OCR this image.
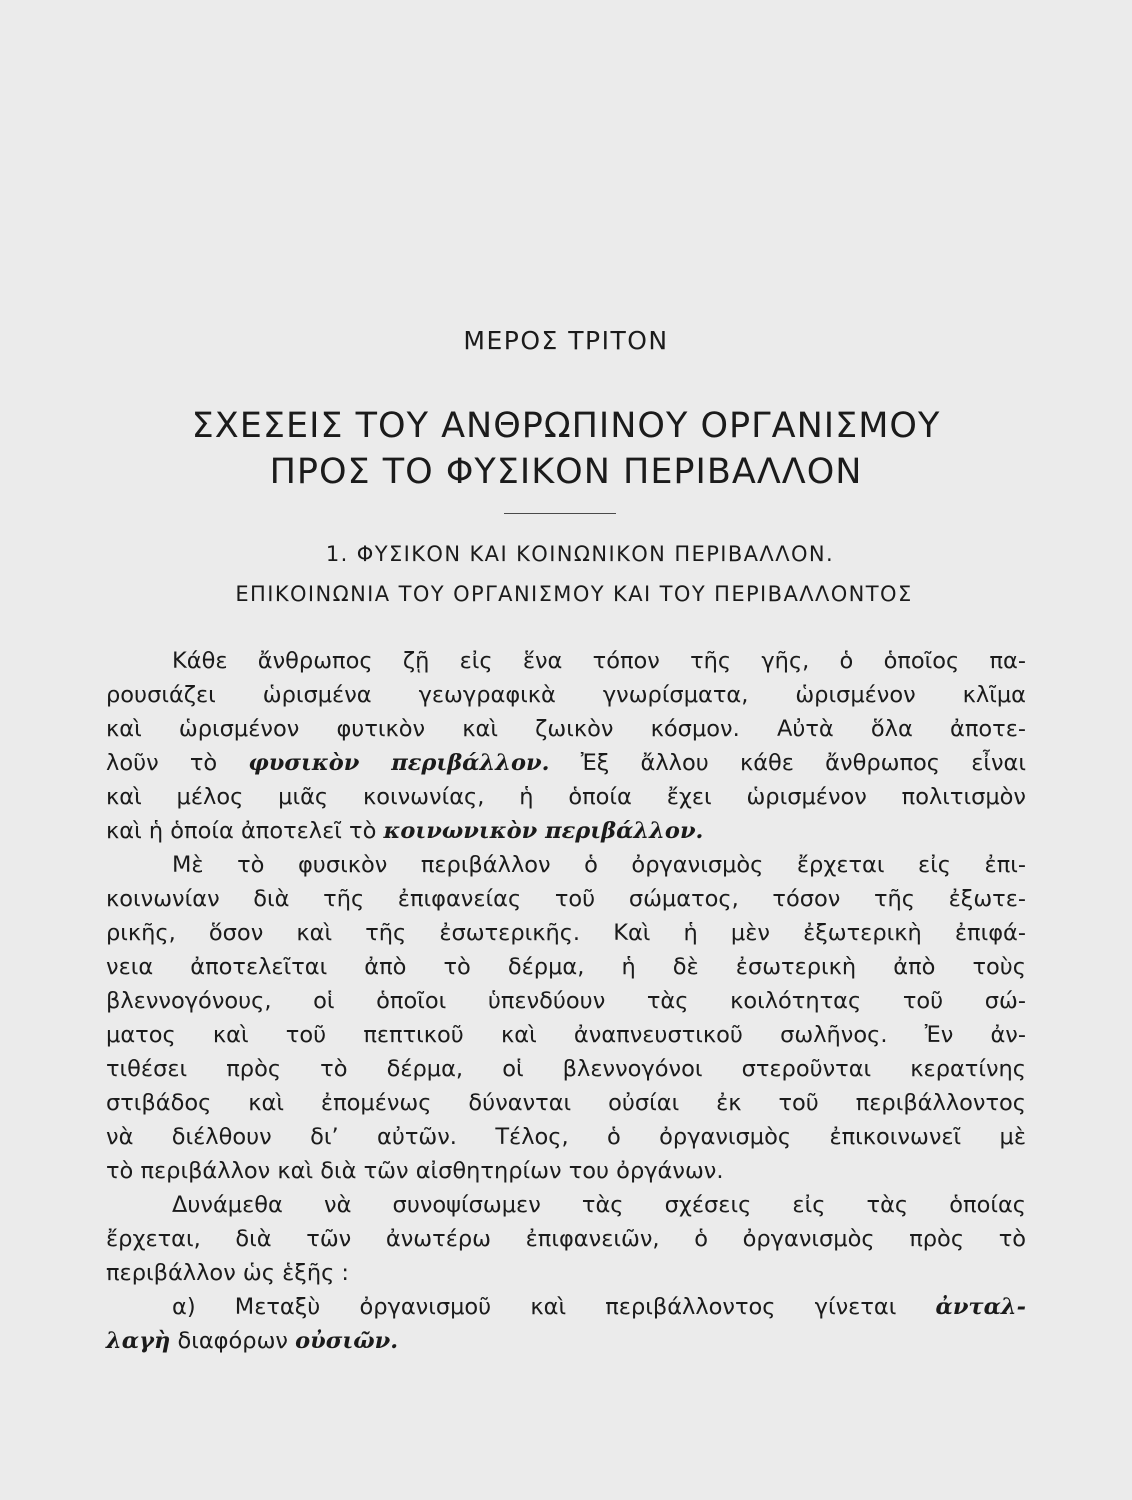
ΜΕΡΟΣ ΤΡΙΤΟΝ
ΣΧΕΣΕΙΣ ΤΟΥ ΑΝΘΡΩΠΙΝΟΥ ΟΡΓΑΝΙΣΜΟΥ
ΠΡΟΣ ΤΟ ΦΥΣΙΚΟΝ ΠΕΡΙΒΑΛΛΟΝ
1. ΦΥΣΙΚΟΝ ΚΑΙ ΚΟΙΝΩΝΙΚΟΝ ΠΕΡΙΒΑΛΛΟΝ.
ΕΠΙΚΟΙΝΩΝΙΑ ΤΟΥ ΟΡΓΑΝΙΣΜΟΥ ΚΑΙ ΤΟΥ ΠΕΡΙΒΑΛΛΟΝΤΟΣ
Κάθε ἄνθρωπος ζῇ εἰς ἕνα τόπον τῆς γῆς, ὁ ὁποῖος πα-
ρουσιάζει ὡρισμένα γεωγραφικὰ γνωρίσματα, ὡρισμένον κλῖμα
καὶ ὡρισμένον φυτικὸν καὶ ζωικὸν κόσμον. Αὐτὰ ὅλα ἀποτε-
λοῦν τὸ φυσικὸν περιβάλλον. Ἐξ ἄλλου κάθε ἄνθρωπος εἶναι
καὶ μέλος μιᾶς κοινωνίας, ἡ ὁποία ἔχει ὡρισμένον πολιτισμὸν
καὶ ἡ ὁποία ἀποτελεῖ τὸ κοινωνικὸν περιβάλλον.
Μὲ τὸ φυσικὸν περιβάλλον ὁ ὀργανισμὸς ἔρχεται εἰς ἐπι-
κοινωνίαν διὰ τῆς ἐπιφανείας τοῦ σώματος, τόσον τῆς ἐξωτε-
ρικῆς, ὅσον καὶ τῆς ἐσωτερικῆς. Καὶ ἡ μὲν ἐξωτερικὴ ἐπιφά-
νεια ἀποτελεῖται ἀπὸ τὸ δέρμα, ἡ δὲ ἐσωτερικὴ ἀπὸ τοὺς
βλεννογόνους, οἱ ὁποῖοι ὑπενδύουν τὰς κοιλότητας τοῦ σώ-
ματος καὶ τοῦ πεπτικοῦ καὶ ἀναπνευστικοῦ σωλῆνος. Ἐν ἀν-
τιθέσει πρὸς τὸ δέρμα, οἱ βλεννογόνοι στεροῦνται κερατίνης
στιβάδος καὶ ἐπομένως δύνανται οὐσίαι ἐκ τοῦ περιβάλλοντος
νὰ διέλθουν δι’ αὐτῶν. Τέλος, ὁ ὀργανισμὸς ἐπικοινωνεῖ μὲ
τὸ περιβάλλον καὶ διὰ τῶν αἰσθητηρίων του ὀργάνων.
Δυνάμεθα νὰ συνοψίσωμεν τὰς σχέσεις εἰς τὰς ὁποίας
ἔρχεται, διὰ τῶν ἀνωτέρω ἐπιφανειῶν, ὁ ὀργανισμὸς πρὸς τὸ
περιβάλλον ὡς ἑξῆς :
α) Μεταξὺ ὀργανισμοῦ καὶ περιβάλλοντος γίνεται ἀνταλ-
λαγὴ διαφόρων οὐσιῶν.
